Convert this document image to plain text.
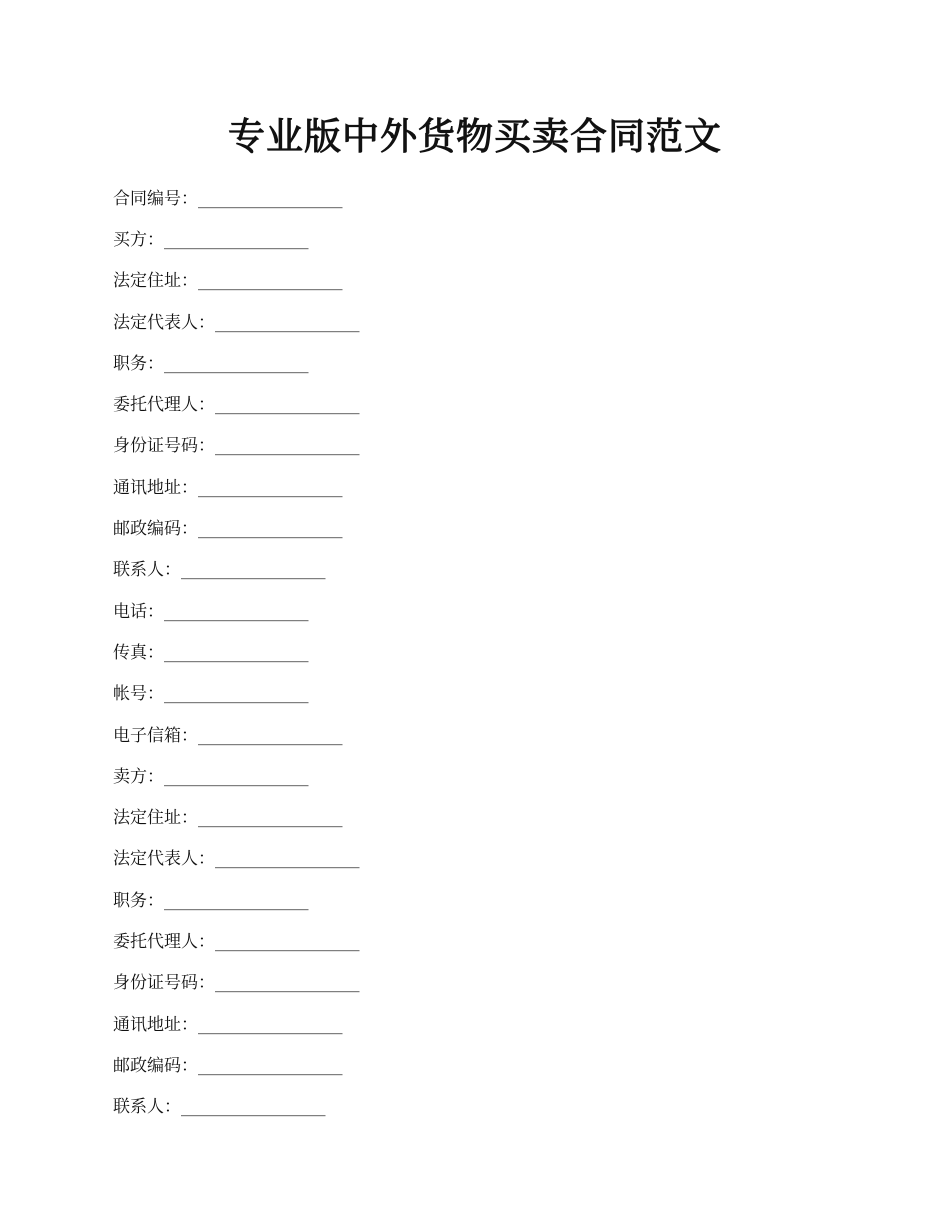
专业版中外货物买卖合同范文
合同编号： _________________
买方： _________________
法定住址： _________________
法定代表人： _________________
职务： _________________
委托代理人： _________________
身份证号码： _________________
通讯地址： _________________
邮政编码： _________________
联系人： _________________
电话： _________________
传真： _________________
帐号： _________________
电子信箱： _________________
卖方： _________________
法定住址： _________________
法定代表人： _________________
职务： _________________
委托代理人： _________________
身份证号码： _________________
通讯地址： _________________
邮政编码： _________________
联系人： _________________
